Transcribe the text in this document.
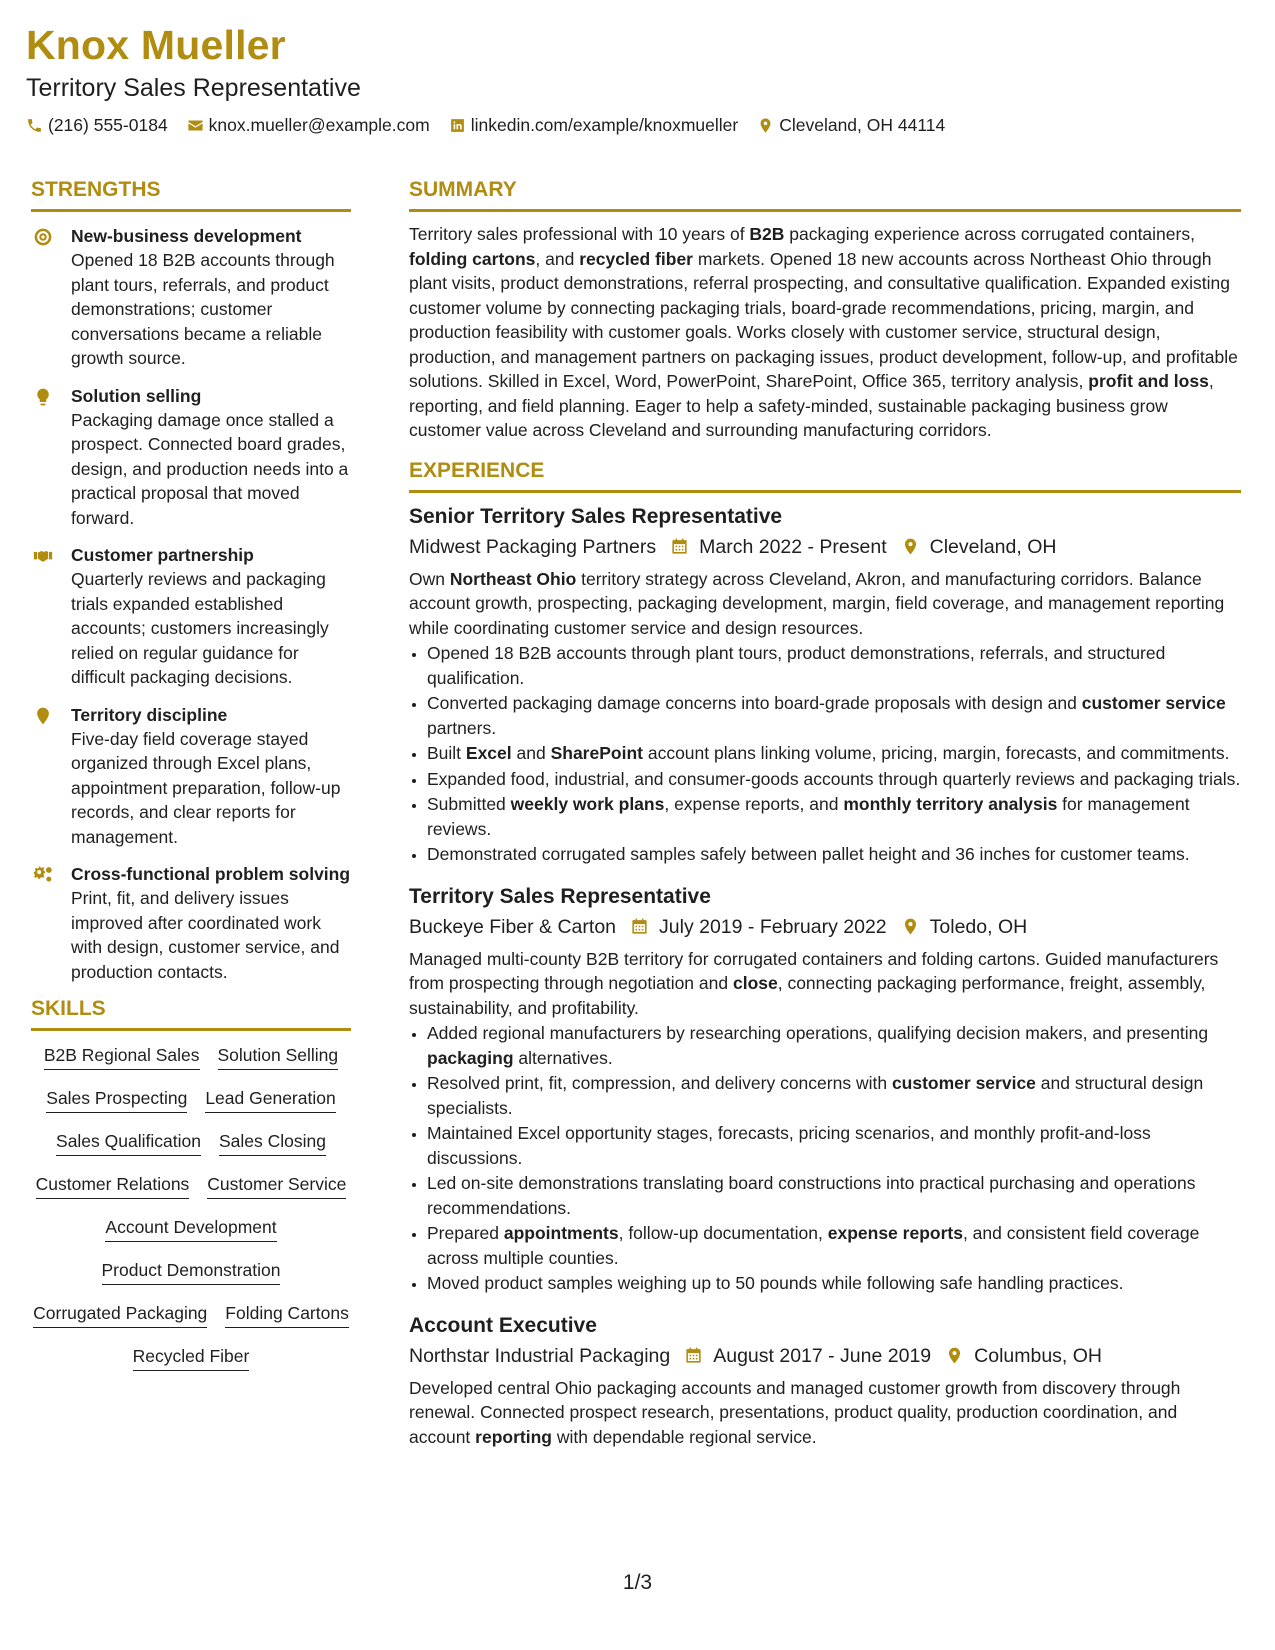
Knox Mueller
Territory Sales Representative
(216) 555-0184 knox.mueller@example.com linkedin.com/example/knoxmueller Cleveland, OH 44114
STRENGTHS
New-business development
Opened 18 B2B accounts through plant tours, referrals, and product demonstrations; customer conversations became a reliable growth source.
Solution selling
Packaging damage once stalled a prospect. Connected board grades, design, and production needs into a practical proposal that moved forward.
Customer partnership
Quarterly reviews and packaging trials expanded established accounts; customers increasingly relied on regular guidance for difficult packaging decisions.
Territory discipline
Five-day field coverage stayed organized through Excel plans, appointment preparation, follow-up records, and clear reports for management.
Cross-functional problem solving
Print, fit, and delivery issues improved after coordinated work with design, customer service, and production contacts.
SKILLS
B2B Regional Sales Solution Selling
Sales Prospecting Lead Generation
Sales Qualification Sales Closing
Customer Relations Customer Service
Account Development
Product Demonstration
Corrugated Packaging Folding Cartons
Recycled Fiber
SUMMARY

Territory sales professional with 10 years of B2B packaging experience across corrugated containers, folding cartons, and recycled fiber markets. Opened 18 new accounts across Northeast Ohio through plant visits, product demonstrations, referral prospecting, and consultative qualification. Expanded existing customer volume by connecting packaging trials, board-grade recommendations, pricing, margin, and production feasibility with customer goals. Works closely with customer service, structural design, production, and management partners on packaging issues, product development, follow-up, and profitable solutions. Skilled in Excel, Word, PowerPoint, SharePoint, Office 365, territory analysis, profit and loss, reporting, and field planning. Eager to help a safety-minded, sustainable packaging business grow customer value across Cleveland and surrounding manufacturing corridors.

EXPERIENCE
Senior Territory Sales Representative
Midwest Packaging Partners March 2022 - Present Cleveland, OH
Own Northeast Ohio territory strategy across Cleveland, Akron, and manufacturing corridors. Balance account growth, prospecting, packaging development, margin, field coverage, and management reporting while coordinating customer service and design resources.
• Opened 18 B2B accounts through plant tours, product demonstrations, referrals, and structured qualification.
• Converted packaging damage concerns into board-grade proposals with design and customer service partners.
• Built Excel and SharePoint account plans linking volume, pricing, margin, forecasts, and commitments.
• Expanded food, industrial, and consumer-goods accounts through quarterly reviews and packaging trials.
• Submitted weekly work plans, expense reports, and monthly territory analysis for management reviews.
• Demonstrated corrugated samples safely between pallet height and 36 inches for customer teams.
Territory Sales Representative
Buckeye Fiber & Carton July 2019 - February 2022 Toledo, OH
Managed multi-county B2B territory for corrugated containers and folding cartons. Guided manufacturers from prospecting through negotiation and close, connecting packaging performance, freight, assembly, sustainability, and profitability.
• Added regional manufacturers by researching operations, qualifying decision makers, and presenting packaging alternatives.
• Resolved print, fit, compression, and delivery concerns with customer service and structural design specialists.
• Maintained Excel opportunity stages, forecasts, pricing scenarios, and monthly profit-and-loss discussions.
• Led on-site demonstrations translating board constructions into practical purchasing and operations recommendations.
• Prepared appointments, follow-up documentation, expense reports, and consistent field coverage across multiple counties.
• Moved product samples weighing up to 50 pounds while following safe handling practices.
Account Executive
Northstar Industrial Packaging August 2017 - June 2019 Columbus, OH
Developed central Ohio packaging accounts and managed customer growth from discovery through renewal. Connected prospect research, presentations, product quality, production coordination, and account reporting with dependable regional service.
1/3
